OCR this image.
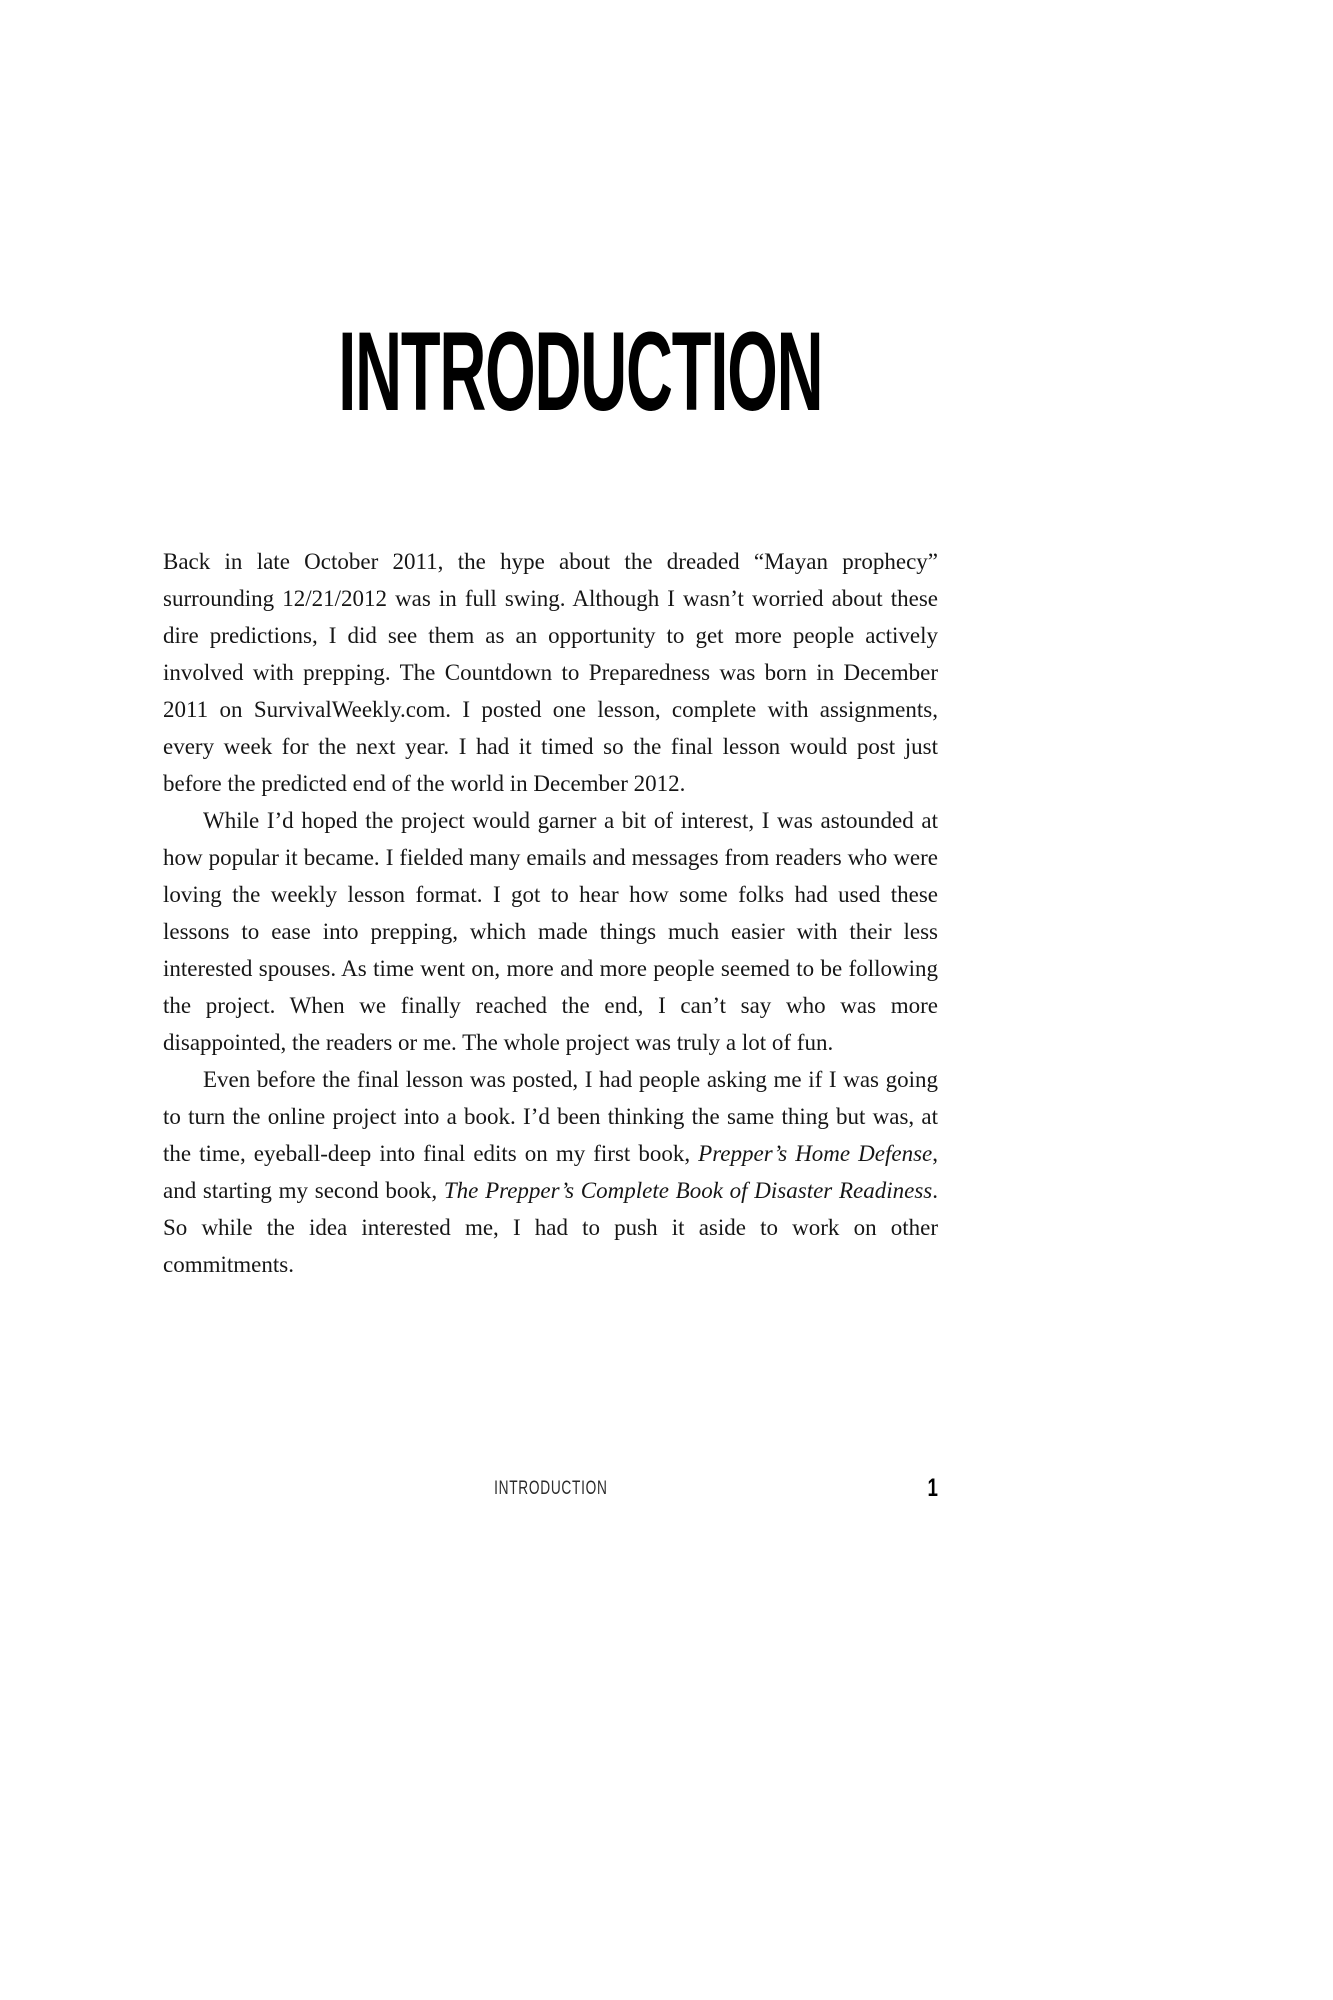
INTRODUCTION

Back in late October 2011, the hype about the dreaded “Mayan prophecy” surrounding 12/21/2012 was in full swing. Although I wasn’t worried about these dire predictions, I did see them as an opportunity to get more people actively involved with prepping. The Countdown to Preparedness was born in December 2011 on SurvivalWeekly.com. I posted one lesson, complete with assignments, every week for the next year. I had it timed so the final lesson would post just before the predicted end of the world in December 2012.

While I’d hoped the project would garner a bit of interest, I was astounded at how popular it became. I fielded many emails and messages from readers who were loving the weekly lesson format. I got to hear how some folks had used these lessons to ease into prepping, which made things much easier with their less interested spouses. As time went on, more and more people seemed to be following the project. When we finally reached the end, I can’t say who was more disappointed, the readers or me. The whole project was truly a lot of fun.

Even before the final lesson was posted, I had people asking me if I was going to turn the online project into a book. I’d been thinking the same thing but was, at the time, eyeball-deep into final edits on my first book, Prepper’s Home Defense, and starting my second book, The Prepper’s Complete Book of Disaster Readiness. So while the idea interested me, I had to push it aside to work on other commitments.

INTRODUCTION	1
